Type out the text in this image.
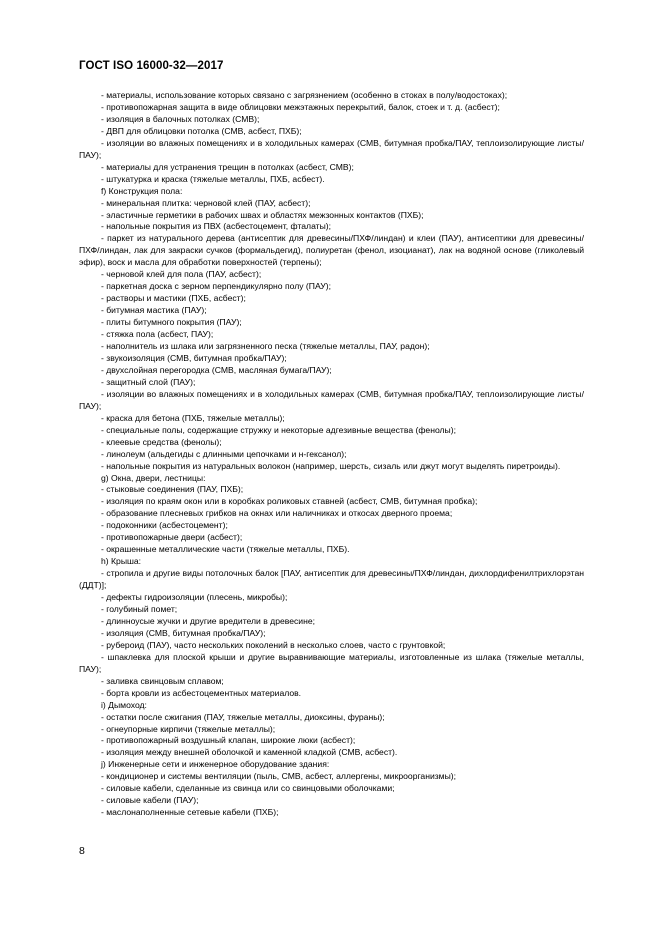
ГОСТ ISO 16000-32—2017

- материалы, использование которых связано с загрязнением (особенно в стоках в полу/водостоках);

- противопожарная защита в виде облицовки межэтажных перекрытий, балок, стоек и т. д. (асбест);

- изоляция в балочных потолках (СМВ);

- ДВП для облицовки потолка (СМВ, асбест, ПХБ);

- изоляции во влажных помещениях и в холодильных камерах (СМВ, битумная пробка/ПАУ, теплоизолирующие листы/ПАУ);

- материалы для устранения трещин в потолках (асбест, СМВ);

- штукатурка и краска (тяжелые металлы, ПХБ, асбест).

f) Конструкция пола:

- минеральная плитка: черновой клей (ПАУ, асбест);

- эластичные герметики в рабочих швах и областях межзонных контактов (ПХБ);

- напольные покрытия из ПВХ (асбестоцемент, фталаты);

- паркет из натурального дерева (антисептик для древесины/ПХФ/линдан) и клеи (ПАУ), антисептики для древесины/ПХФ/линдан, лак для закраски сучков (формальдегид), полиуретан (фенол, изоцианат), лак на водяной основе (гликолевый эфир), воск и масла для обработки поверхностей (терпены);

- черновой клей для пола (ПАУ, асбест);

- паркетная доска с зерном перпендикулярно полу (ПАУ);

- растворы и мастики (ПХБ, асбест);

- битумная мастика (ПАУ);

- плиты битумного покрытия (ПАУ);

- стяжка пола (асбест, ПАУ);

- наполнитель из шлака или загрязненного песка (тяжелые металлы, ПАУ, радон);

- звукоизоляция (СМВ, битумная пробка/ПАУ);

- двухслойная перегородка (СМВ, масляная бумага/ПАУ);

- защитный слой (ПАУ);

- изоляции во влажных помещениях и в холодильных камерах (СМВ, битумная пробка/ПАУ, теплоизолирующие листы/ПАУ);

- краска для бетона (ПХБ, тяжелые металлы);

- специальные полы, содержащие стружку и некоторые адгезивные вещества (фенолы);

- клеевые средства (фенолы);

- линолеум (альдегиды с длинными цепочками и н-гексанол);

- напольные покрытия из натуральных волокон (например, шерсть, сизаль или джут могут выделять пиретроиды).

g) Окна, двери, лестницы:

- стыковые соединения (ПАУ, ПХБ);

- изоляция по краям окон или в коробках роликовых ставней (асбест, СМВ, битумная пробка);

- образование плесневых грибков на окнах или наличниках и откосах дверного проема;

- подоконники (асбестоцемент);

- противопожарные двери (асбест);

- окрашенные металлические части (тяжелые металлы, ПХБ).

h) Крыша:

- стропила и другие виды потолочных балок [ПАУ, антисептик для древесины/ПХФ/линдан, дихлордифенилтрихлорэтан (ДДТ)];

- дефекты гидроизоляции (плесень, микробы);

- голубиный помет;

- длинноусые жучки и другие вредители в древесине;

- изоляция (СМВ, битумная пробка/ПАУ);

- рубероид (ПАУ), часто нескольких поколений в несколько слоев, часто с грунтовкой;

- шпаклевка для плоской крыши и другие выравнивающие материалы, изготовленные из шлака (тяжелые металлы, ПАУ);

- заливка свинцовым сплавом;

- борта кровли из асбестоцементных материалов.

i) Дымоход:

- остатки после сжигания (ПАУ, тяжелые металлы, диоксины, фураны);

- огнеупорные кирпичи (тяжелые металлы);

- противопожарный воздушный клапан, широкие люки (асбест);

- изоляция между внешней оболочкой и каменной кладкой (СМВ, асбест).

j) Инженерные сети и инженерное оборудование здания:

- кондиционер и системы вентиляции (пыль, СМВ, асбест, аллергены, микроорганизмы);

- силовые кабели, сделанные из свинца или со свинцовыми оболочками;

- силовые кабели (ПАУ);

- маслонаполненные сетевые кабели (ПХБ);

8
